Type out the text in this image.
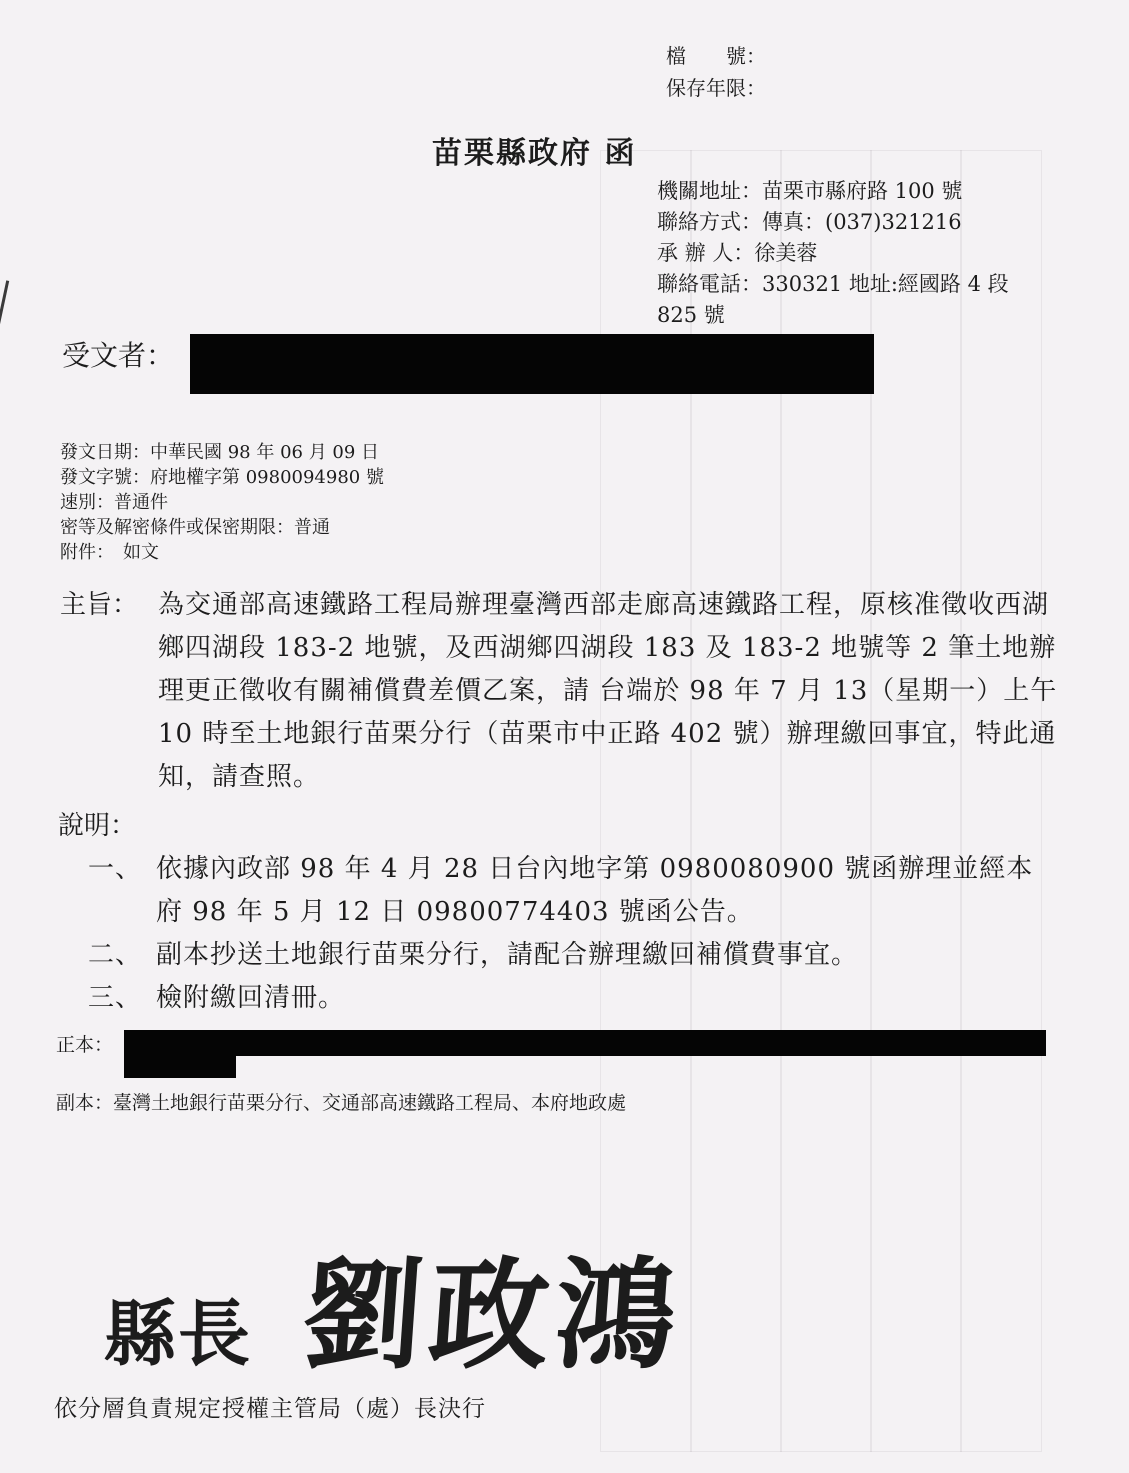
檔　　號：
保存年限：
苗栗縣政府 函
機關地址：苗栗市縣府路 100 號
聯絡方式：傳真：(037)321216
承 辦 人：徐美蓉
聯絡電話：330321 地址:經國路 4 段
825 號
受文者：
發文日期：中華民國 98 年 06 月 09 日
發文字號：府地權字第 0980094980 號
速別：普通件
密等及解密條件或保密期限：普通
附件：　如文
主旨： 為交通部高速鐵路工程局辦理臺灣西部走廊高速鐵路工程，原核准徵收西湖鄉四湖段 183-2 地號，及西湖鄉四湖段 183 及 183-2 地號等 2 筆土地辦理更正徵收有關補償費差價乙案，請 台端於 98 年 7 月 13（星期一）上午 10 時至土地銀行苗栗分行（苗栗市中正路 402 號）辦理繳回事宜，特此通知，請查照。
說明：
一、 依據內政部 98 年 4 月 28 日台內地字第 0980080900 號函辦理並經本府 98 年 5 月 12 日 09800774403 號函公告。
二、 副本抄送土地銀行苗栗分行，請配合辦理繳回補償費事宜。
三、 檢附繳回清冊。
正本：
副本：臺灣土地銀行苗栗分行、交通部高速鐵路工程局、本府地政處
縣長 劉政鴻
依分層負責規定授權主管局（處）長決行
